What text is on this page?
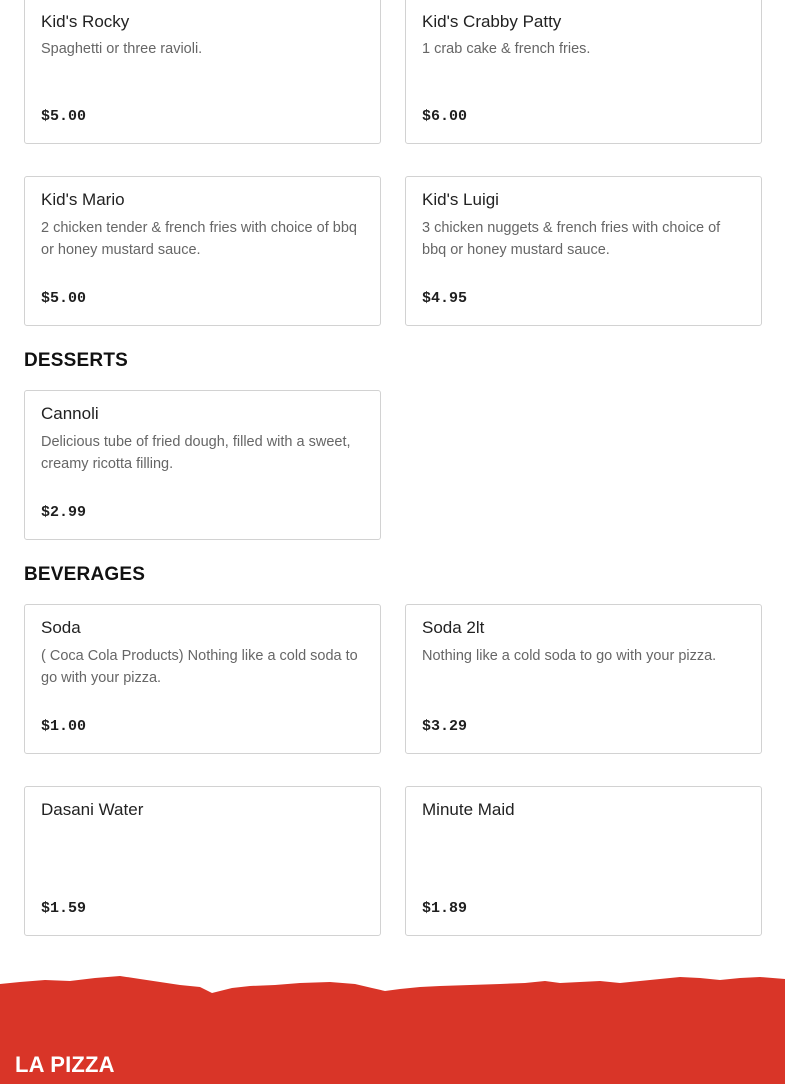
Kid's Rocky
Spaghetti or three ravioli.
$5.00
Kid's Crabby Patty
1 crab cake & french fries.
$6.00
Kid's Mario
2 chicken tender & french fries with choice of bbq or honey mustard sauce.
$5.00
Kid's Luigi
3 chicken nuggets & french fries with choice of bbq or honey mustard sauce.
$4.95
DESSERTS
Cannoli
Delicious tube of fried dough, filled with a sweet, creamy ricotta filling.
$2.99
BEVERAGES
Soda
( Coca Cola Products) Nothing like a cold soda to go with your pizza.
$1.00
Soda 2lt
Nothing like a cold soda to go with your pizza.
$3.29
Dasani Water
$1.59
Minute Maid
$1.89
LA PIZZA
